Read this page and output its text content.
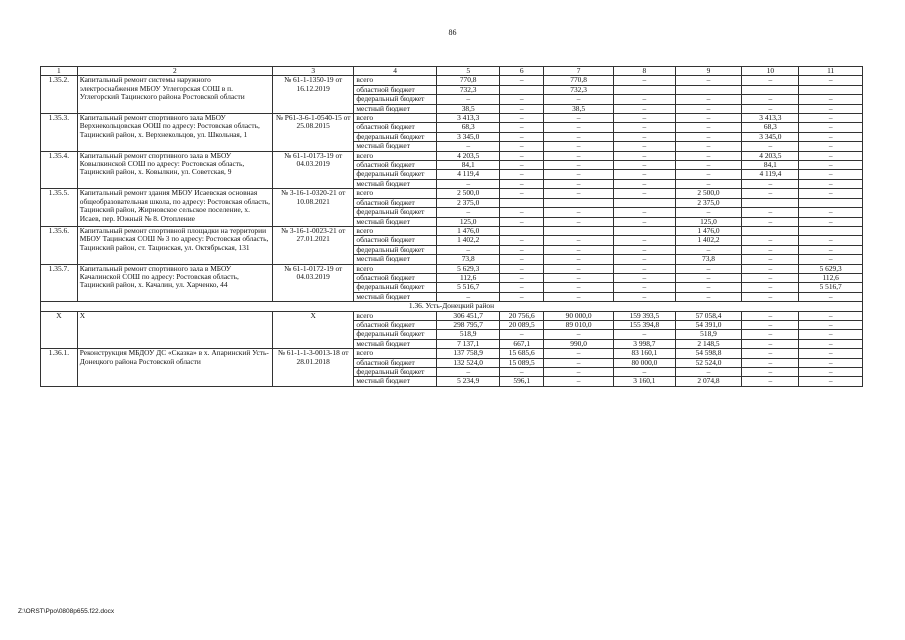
86
1	2	3	4	5	6	7	8	9	10	11
1.35.2.	Капитальный ремонт системы наружного электроснабжения МБОУ Углегорская СОШ в п. Углегорский Тацинского района Ростовской области	№ 61-1-1350-19 от 16.12.2019	всего	770,8	–	770,8	–	–	–	–
			областной бюджет	732,3		732,3				
			федеральный бюджет	–	–	–	–	–	–	–
			местный бюджет	38,5	–	38,5	–	–	–	–
1.35.3.	Капитальный ремонт спортивного зала МБОУ Верхнекольцовская ООШ по адресу: Ростовская область, Тацинский район, х. Верхнекольцов, ул. Школьная, 1	№ Р61-3-6-1-0540-15 от 25.08.2015	всего	3 413,3	–	–	–	–	3 413,3	–
			областной бюджет	68,3	–	–	–	–	68,3	–
			федеральный бюджет	3 345,0	–	–	–	–	3 345,0	–
			местный бюджет	–	–	–	–	–	–	–
1.35.4.	Капитальный ремонт спортивного зала в МБОУ Ковылкинской СОШ по адресу: Ростовская область, Тацинский район, х. Ковылкин, ул. Советская, 9	№ 61-1-0173-19 от 04.03.2019	всего	4 203,5	–	–	–	–	4 203,5	–
			областной бюджет	84,1	–	–	–	–	84,1	–
			федеральный бюджет	4 119,4	–	–	–	–	4 119,4	–
			местный бюджет	–	–	–	–	–	–	–
1.35.5.	Капитальный ремонт здания МБОУ Исаевская основная общеобразовательная школа, по адресу: Ростовская область, Тацинский район, Жирновское сельское поселение, х. Исаев, пер. Южный № 8. Отопление	№ 3-16-1-0320-21 от 10.08.2021	всего	2 500,0	–	–	–	2 500,0	–	–
			областной бюджет	2 375,0				2 375,0		
			федеральный бюджет	–	–	–	–	–	–	–
			местный бюджет	125,0	–	–	–	125,0	–	–
1.35.6.	Капитальный ремонт спортивной площадки на территории МБОУ Тацинская СОШ № 3 по адресу: Ростовская область, Тацинский район, ст. Тацинская, ул. Октябрьская, 131	№ 3-16-1-0023-21 от 27.01.2021	всего	1 476,0				1 476,0		
			областной бюджет	1 402,2	–	–	–	1 402,2	–	–
			федеральный бюджет	–	–	–	–	–	–	–
			местный бюджет	73,8	–	–	–	73,8	–	–
1.35.7.	Капитальный ремонт спортивного зала в МБОУ Качалинской СОШ по адресу: Ростовская область, Тацинский район, х. Качалин, ул. Харченко, 44	№ 61-1-0172-19 от 04.03.2019	всего	5 629,3	–	–	–	–	–	5 629,3
			областной бюджет	112,6	–	–	–	–	–	112,6
			федеральный бюджет	5 516,7	–	–	–	–	–	5 516,7
			местный бюджет	–	–	–	–	–	–	–
1.36. Усть-Донецкий район										
Х	Х	Х	всего	306 451,7	20 756,6	90 000,0	159 393,5	57 058,4	–	–
			областной бюджет	298 795,7	20 089,5	89 010,0	155 394,8	54 391,0	–	–
			федеральный бюджет	518,9	–	–	–	518,9	–	–
			местный бюджет	7 137,1	667,1	990,0	3 998,7	2 148,5	–	–
1.36.1.	Реконструкция МБДОУ ДС «Сказка» в х. Апаринский Усть-Донецкого района Ростовской области	№ 61-1-1-3-0013-18 от 28.01.2018	всего	137 758,9	15 685,6	–	83 160,1	54 598,8	–	–
			областной бюджет	132 524,0	15 089,5	–	80 000,0	52 524,0	–	–
			федеральный бюджет	–	–	–	–	–	–	–
			местный бюджет	5 234,9	596,1	–	3 160,1	2 074,8	–	–
Z:\ORST\Ppo\0808p655.f22.docx
